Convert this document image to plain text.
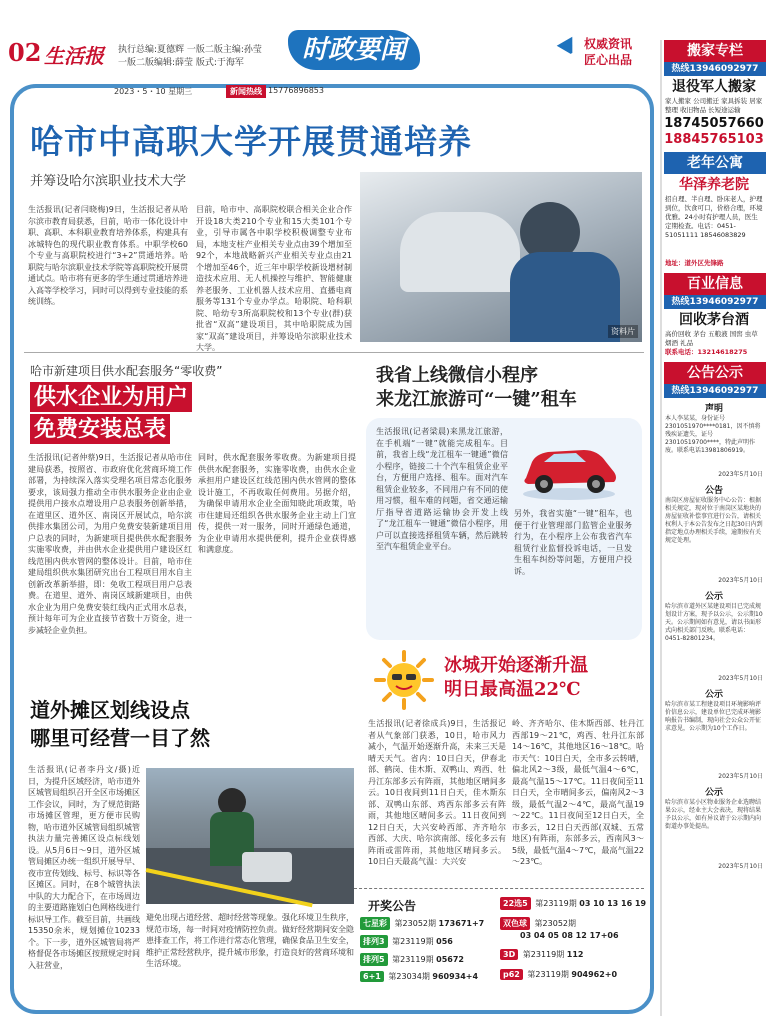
02 生活报 执行总编:夏德辉 一版二版主编:孙莹
一版二版编辑:薛莹 版式:于海军	时政要闻	权威资讯
匠心出品
2023・5・10 星期三	新闻热线 15776896853
哈市中高职大学开展贯通培养
并筹设哈尔滨职业技术大学
生活报讯(记者闫晓梅)9日，生活报记者从哈尔滨市教育局获悉，目前，哈市一体化设计中职、高职、本科职业教育培养体系，构建具有冰城特色的现代职业教育体系。中职学校60个专业与高职院校进行“3+2”贯通培养。哈职院与哈尔滨职业技术学院等高职院校开展贯通试点。哈市将有更多的学生通过贯通培养进入高等学校学习，同时可以得到专业技能的系统训练。
目前，哈市中、高职院校联合相关企业合作开设18大类210个专业和15大类101个专业，引导市属各中职学校积极调整专业布局，本地支柱产业相关专业点由39个增加至92个，本地战略新兴产业相关专业点由21个增加至46个，近三年中职学校新设增材制造技术应用、无人机操控与维护、智能健康养老服务、工业机器人技术应用、直播电商服务等131个专业办学点。哈职院、哈科职院、哈幼专3所高职院校和13个专业(群)获批省“双高”建设项目，其中哈职院成为国家“双高”建设项目，并筹设哈尔滨职业技术大学。
资料片
哈市新建项目供水配套服务“零收费”
供水企业为用户
免费安装总表
生活报讯(记者仲蔡)9日，生活报记者从哈市住建局获悉，按照省、市政府优化营商环境工作部署，为持续深入落实受理名项目常态化服务要求，该局强力推动全市供水服务企业由企业提供用户接水点增设用户总表服务创新举措，在道里区、道外区、南岗区开展试点，哈尔滨供排水集团公司，为用户免费安装新建项目用户总表的同时，为新建项目提供供水配套服务实施零收费，并由供水企业提供用户建设区红线范围内供水管网的整体设计。目前，哈市住建局组织供水集团研究出台工程项目用水自主创新改革新举措，即：免收工程项目用户总表费。在道里、道外、南岗区域新建项目，由供水企业为用户免费安装红线内正式用水总表，预计每年可为企业直接节省数十万资金，进一步减轻企业负担。
同时，供水配套服务零收费。为新建项目提供供水配套服务，实施零收费，由供水企业承担用户建设区红线范围内供水管网的整体设计施工，不再收取任何费用。另据介绍，为确保申请用水企业全面知晓此项政策，哈市住建局还组织各供水服务企业主动上门宣传，提供一对一服务，同时开通绿色通道，为企业申请用水提供便利，提升企业获得感和满意度。
我省上线微信小程序
来龙江旅游可“一键”租车
生活报讯(记者梁晨)来黑龙江旅游，在手机端“一键”就能完成租车。目前，我省上线“龙江租车一键通”微信小程序，链接二十个汽车租赁企业平台，方便用户选择、租车。面对汽车租赁企业较多，不同用户有不同的使用习惯，租车难的问题，省交通运输厅指导省道路运输协会开发上线了“龙江租车一键通”微信小程序，用户可以直接选择租赁车辆，然后跳转至汽车租赁企业平台。
另外，我省实施“一键”租车，也便于行业管理部门监管企业服务行为，在小程序上公布我省汽车租赁行业监督投诉电话，一旦发生租车纠纷等问题，方便用户投诉。
冰城开始逐渐升温
明日最高温22℃
生活报讯(记者徐成兵)9日，生活报记者从气象部门获悉，10日，哈市风力减小，气温开始逐渐升高，未来三天是晴天天气。省内：10日白天，伊春北部、鹤岗、佳木斯、双鸭山、鸡西、牡丹江东部多云有阵雨，其他地区晴间多云。10日夜间到11日白天，佳木斯东部、双鸭山东部、鸡西东部多云有阵雨，其他地区晴间多云。11日夜间到12日白天，大兴安岭西部、齐齐哈尔西部、大庆、哈尔滨南部、绥化多云有阵雨或雷阵雨，其他地区晴间多云。10日白天最高气温：大兴安
岭、齐齐哈尔、佳木斯西部、牡丹江西部19～21℃，鸡西、牡丹江东部14～16℃，其他地区16～18℃。哈市天气：10日白天，全市多云转晴，偏北风2～3级，最低气温4～6℃，最高气温15～17℃。11日夜间至11日白天，全市晴间多云，偏南风2～3级，最低气温2～4℃，最高气温19～22℃。11日夜间至12日白天，全市多云，12日白天西部(双城、五常地区)有阵雨，东部多云，西南风3～5级，最低气温4～7℃，最高气温22～23℃。
道外摊区划线设点
哪里可经营一目了然
生活报讯(记者李丹文/摄)近日，为提升区域经济，哈市道外区城管局组织召开全区市场摊区工作会议，同时，为了规范街路市场摊区管理，更方便市民购物，哈市道外区城管局组织城管执法力量完善摊区设点标线划设。从5月6日～9日，道外区城管局摊区办统一组织开展导早、夜市宣传划线、标号、标识等各区摊区。同时，在8个城管执法中队的大力配合下，在市场周边的主要道路施划白色网格线进行标识导工作。截至目前，共画线15350余米，规划摊位10233个。下一步，道外区城管局将严格督促各市场摊区按照规定时间入驻营业，
避免出现占道经营、超时经营等现象。强化环境卫生秩序，规范市场，每一时间对疫情防控负责。做好经营期间安全隐患排查工作，将工作进行常态化管理，确保食品卫生安全，维护正常经营秩序，提升城市形象，打造良好的营商环境和生活环境。
开奖公告
七星彩 第23052期 173671+7
排列3 第23119期 056
排列5 第23119期 05672
6+1 第23034期 960934+4
22选5 第23119期 03 10 13 16 19
双色球 第23052期
03 04 05 08 12 17+06
3D 第23119期 112
p62 第23119期 904962+0
搬家专栏
热线13946092977
退役军人搬家
家人搬家 公司搬迁 家具拆装 居家整理 收旧物品 长短途运输
18745057660
18845765103
老年公寓
华泽养老院
招自理、半自理、卧床老人，护理到位，饮食可口，价格合理，环境优雅。24小时有护理人员，医生定期检查。电话：0451-51051111 18546083829
地址：道外区先锋路
百业信息
热线13946092977
回收茅台酒
高价回收 茅台 五粮液 国窖 虫草 烟酒 礼品
联系电话：13214618275
公告公示
热线13946092977
声明
本人李某某，身份证号2301051970****0181，因不慎将残疾证遗失，证号23010519700****，特此声明作废。联系电话13981806919。
2023年5月10日
公告
南岗区房屋征收服务中心公告：根据相关规定，现对位于南岗区某地块的房屋征收补偿事宜进行公告，请相关权利人于本公告发布之日起30日内到指定地点办理相关手续，逾期按有关规定处理。
2023年5月10日
公示
哈尔滨市道外区某建设项目已完成规划设计方案，现予以公示，公示期10天。公示期间如有意见，请以书面形式向相关部门反映。联系电话：0451-82801234。
2023年5月10日
公示
哈尔滨市某工程建设项目环境影响评价信息公示，建设单位已完成环境影响报告书编制，现向社会公众公开征求意见，公示期为10个工作日。
2023年5月10日
公示
哈尔滨市某小区物业服务企业选聘结果公示，经业主大会表决，现将结果予以公示，如有异议请于公示期内向街道办事处提出。
2023年5月10日
